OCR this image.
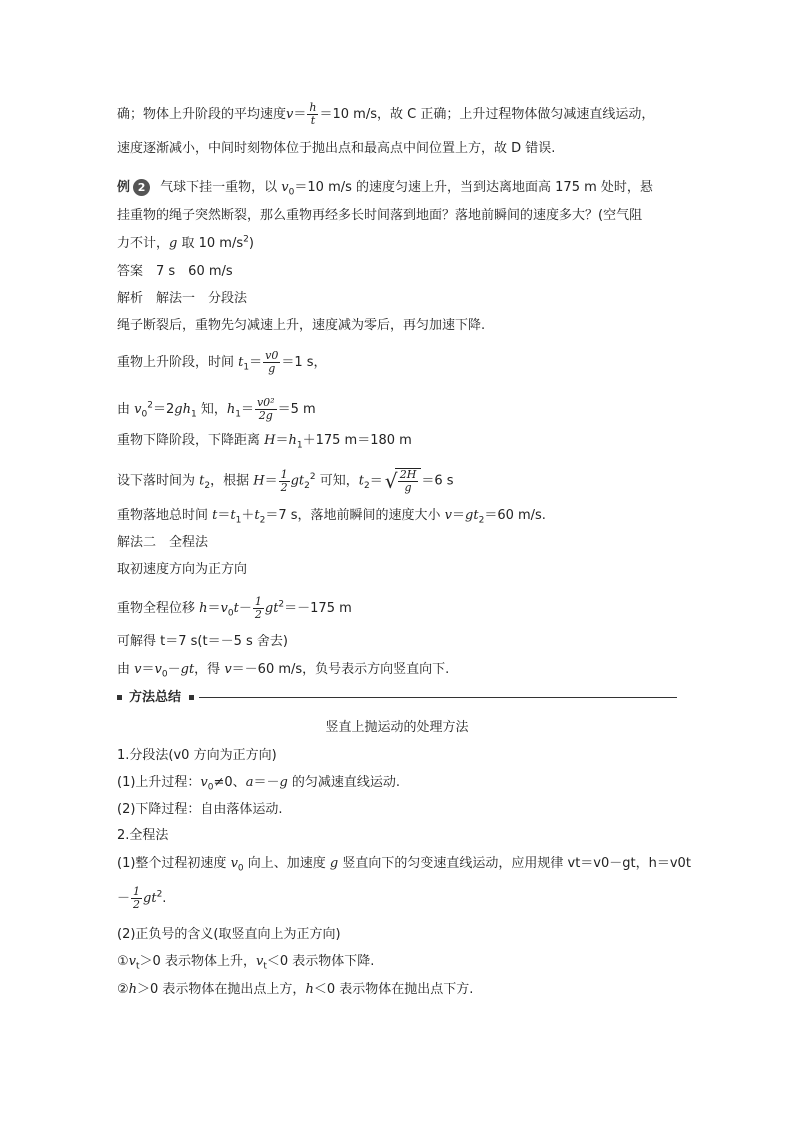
确；物体上升阶段的平均速度$v= \frac{h}{t} =10$ m/s，故 C 正确；上升过程物体做匀减速直线运动，
速度逐渐减小，中间时刻物体位于抛出点和最高点中间位置上方，故 D 错误.
例 2 气球下挂一重物，以 $v_0=10$ m/s 的速度匀速上升，当到达离地面高 175 m 处时，悬
挂重物的绳子突然断裂，那么重物再经多长时间落到地面？落地前瞬间的速度多大？(空气阻
力不计，g 取 10 $m/s^2$)
答案　7 s　60 m/s
解析　解法一　分段法
绳子断裂后，重物先匀减速上升，速度减为零后，再匀加速下降.
重物上升阶段，时间 $t_1= \frac{v0}{g} =1$ s，
由 $v_0^2=2gh_1$ 知，$h_1= \frac{\text{v0²}}{2g} =5$ m
重物下降阶段，下降距离 $H=h_1+175$ m＝180 m
设下落时间为 $t_2$，根据 $H= \frac{1}{2} gt_2^2$ 可知，$t_2=$
√ $\frac{2H}{g} =6$ s
重物落地总时间 $t=t_1+t_2=7$ s，落地前瞬间的速度大小 $v=gt_2=60$ m/s.
解法二　全程法
取初速度方向为正方向
重物全程位移 $h=v_0t- \frac{1}{2} gt^2=-175$ m
可解得 t＝7 s(t＝－5 s 舍去)
由 $v=v_0-gt$，得 v＝－60 m/s，负号表示方向竖直向下.
方法总结
竖直上抛运动的处理方法
1.分段法(v0 方向为正方向)
(1)上升过程：$v_0\ne 0$、a＝－g 的匀减速直线运动.
(2)下降过程：自由落体运动.
2.全程法
(1)整个过程初速度 $v_0$ 向上、加速度 g 竖直向下的匀变速直线运动，应用规律 vt＝v0－gt，h＝v0t
－ $\frac{1}{2} gt^2$.
(2)正负号的含义(取竖直向上为正方向)
$①v_t>0$ 表示物体上升，$v_t<0$ 表示物体下降.
②h＞0 表示物体在抛出点上方，h＜0 表示物体在抛出点下方.
